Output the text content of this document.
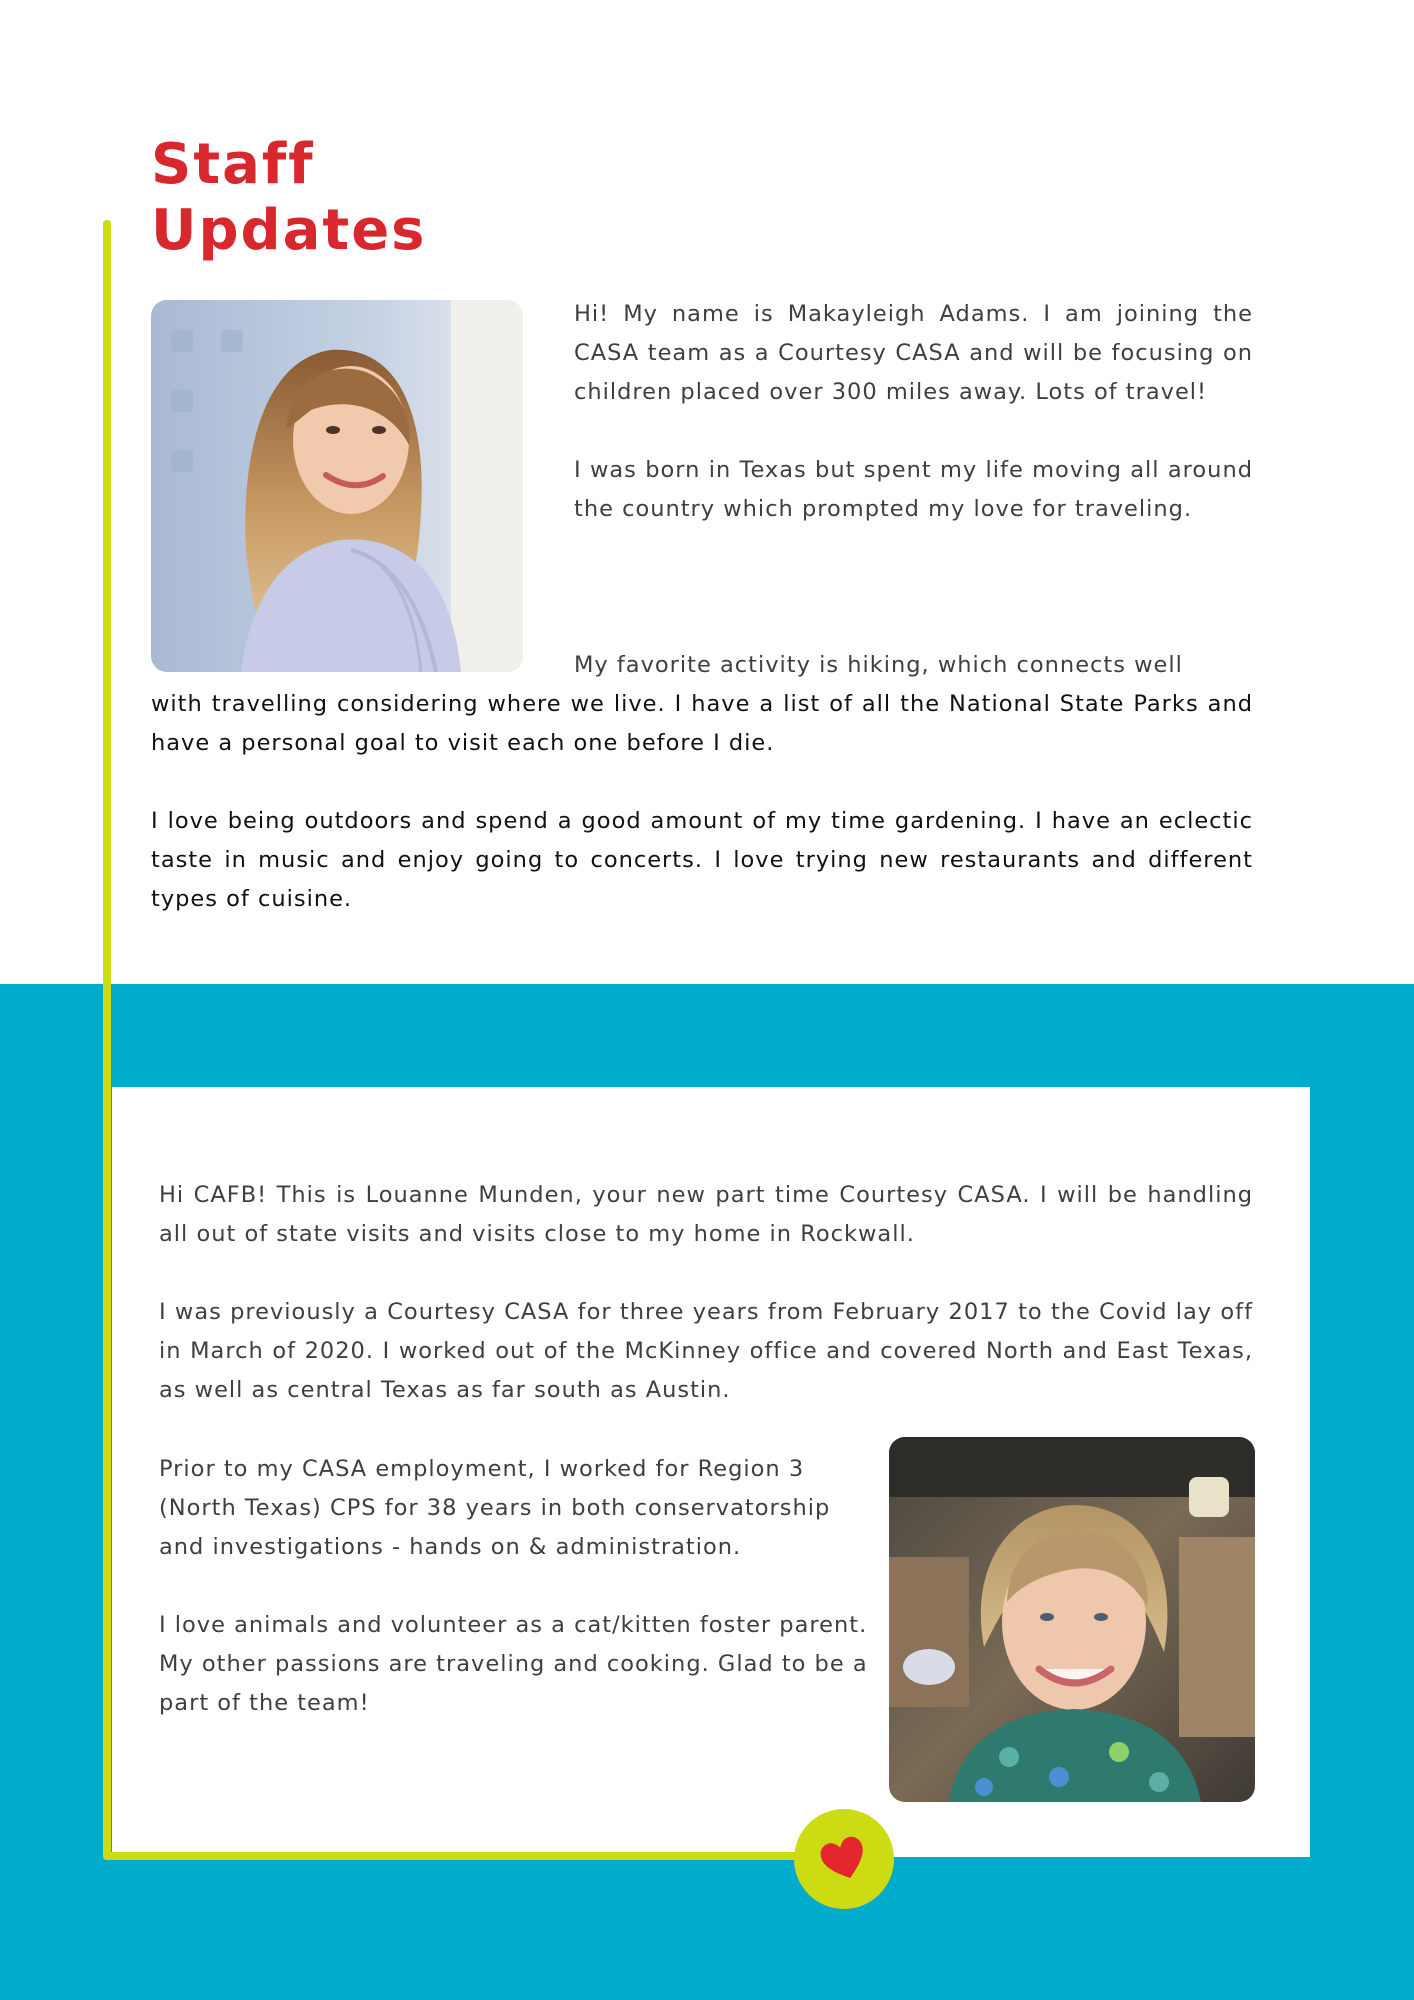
Staff
Updates

Hi! My name is Makayleigh Adams. I am joining the CASA team as a Courtesy CASA and will be focusing on children placed over 300 miles away. Lots of travel!

I was born in Texas but spent my life moving all around the country which prompted my love for traveling.

My favorite activity is hiking, which connects well
with travelling considering where we live. I have a list of all the National State Parks and have a personal goal to visit each one before I die.

I love being outdoors and spend a good amount of my time gardening. I have an eclectic taste in music and enjoy going to concerts. I love trying new restaurants and different types of cuisine.

Hi CAFB! This is Louanne Munden, your new part time Courtesy CASA. I will be handling all out of state visits and visits close to my home in Rockwall.

I was previously a Courtesy CASA for three years from February 2017 to the Covid lay off in March of 2020. I worked out of the McKinney office and covered North and East Texas, as well as central Texas as far south as Austin.

Prior to my CASA employment, I worked for Region 3 (North Texas) CPS for 38 years in both conservatorship and investigations - hands on & administration.

I love animals and volunteer as a cat/kitten foster parent. My other passions are traveling and cooking. Glad to be a part of the team!
